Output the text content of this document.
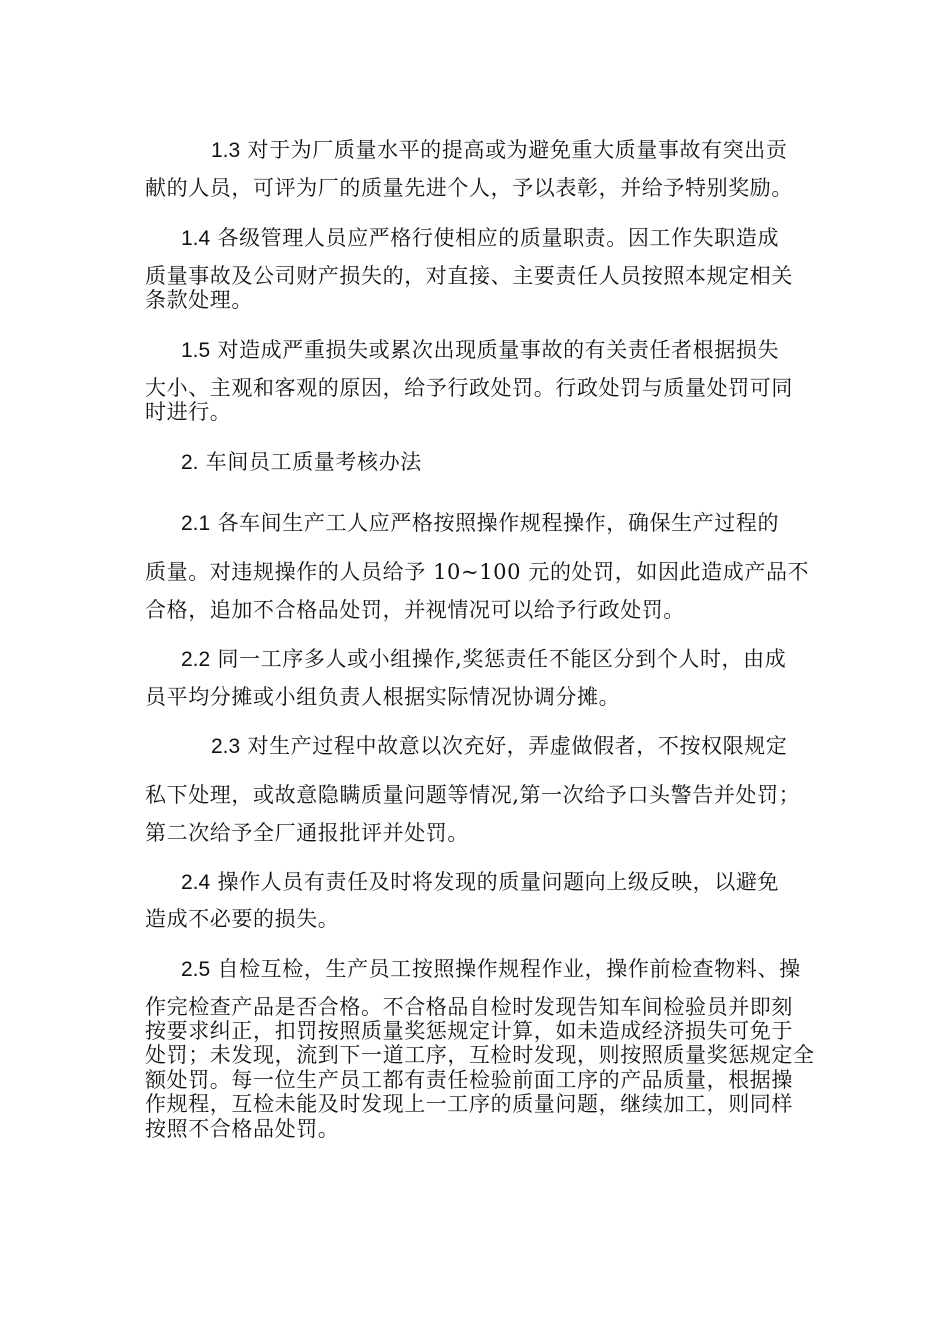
1.3 对于为厂质量水平的提高或为避免重大质量事故有突出贡
献的人员，可评为厂的质量先进个人，予以表彰，并给予特别奖励。
1.4 各级管理人员应严格行使相应的质量职责。因工作失职造成
质量事故及公司财产损失的，对直接、主要责任人员按照本规定相关
条款处理。
1.5 对造成严重损失或累次出现质量事故的有关责任者根据损失
大小、主观和客观的原因，给予行政处罚。行政处罚与质量处罚可同
时进行。
2. 车间员工质量考核办法
2.1 各车间生产工人应严格按照操作规程操作，确保生产过程的
质量。对违规操作的人员给予 10~100 元的处罚，如因此造成产品不
合格，追加不合格品处罚，并视情况可以给予行政处罚。
2.2 同一工序多人或小组操作,奖惩责任不能区分到个人时，由成
员平均分摊或小组负责人根据实际情况协调分摊。
2.3 对生产过程中故意以次充好，弄虚做假者，不按权限规定
私下处理，或故意隐瞒质量问题等情况,第一次给予口头警告并处罚；
第二次给予全厂通报批评并处罚。
2.4 操作人员有责任及时将发现的质量问题向上级反映，以避免
造成不必要的损失。
2.5 自检互检，生产员工按照操作规程作业，操作前检查物料、操
作完检查产品是否合格。不合格品自检时发现告知车间检验员并即刻
按要求纠正，扣罚按照质量奖惩规定计算，如未造成经济损失可免于
处罚；未发现，流到下一道工序，互检时发现，则按照质量奖惩规定全
额处罚。每一位生产员工都有责任检验前面工序的产品质量，根据操
作规程，互检未能及时发现上一工序的质量问题，继续加工，则同样
按照不合格品处罚。
